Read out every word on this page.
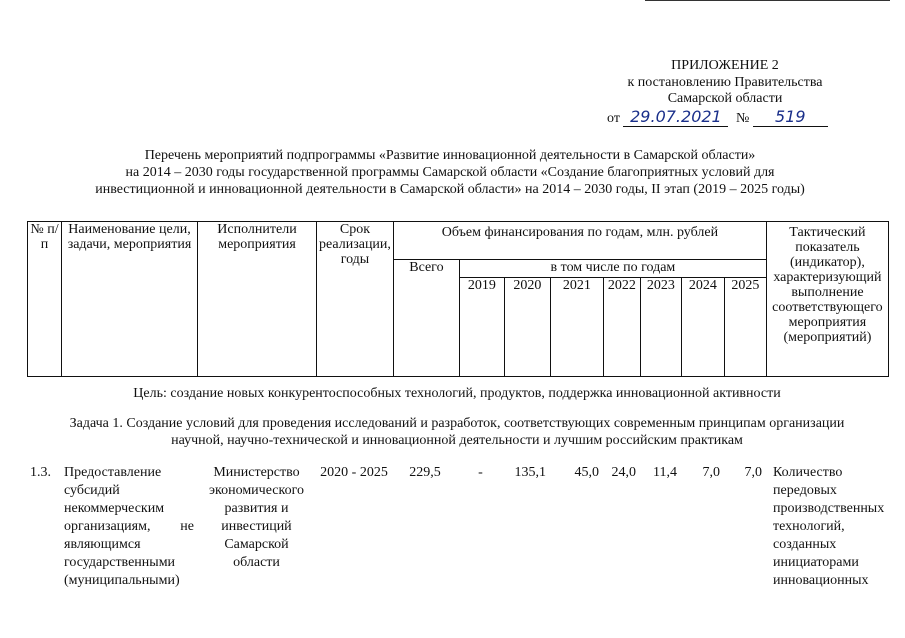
ПРИЛОЖЕНИЕ 2
к постановлению Правительства
Самарской области
от 29.07.2021 № 519
Перечень мероприятий подпрограммы «Развитие инновационной деятельности в Самарской области»
на 2014 – 2030 годы государственной программы Самарской области «Создание благоприятных условий для
инвестиционной и инновационной деятельности в Самарской области» на 2014 – 2030 годы, II этап (2019 – 2025 годы)
№ п/п	Наименование цели, задачи, мероприятия	Исполнители мероприятия	Срок реализации, годы	Объем финансирования по годам, млн. рублей								Тактический показатель (индикатор), характеризующий выполнение соответствующего мероприятия (мероприятий)
				Всего	в том числе по годам							
					2019	2020	2021	2022	2023	2024	2025	
Цель: создание новых конкурентоспособных технологий, продуктов, поддержка инновационной активности
Задача 1. Создание условий для проведения исследований и разработок, соответствующих современным принципам организации
научной, научно-технической и инновационной деятельности и лучшим российским практикам
1.3.	Предоставление субсидий некоммерческим организациям, не являющимся государственными (муниципальными)	Министерство экономического развития и инвестиций Самарской области	2020 - 2025	229,5	-	135,1	45,0	24,0	11,4	7,0	7,0	Количество передовых производственных технологий, созданных инициаторами инновационных
